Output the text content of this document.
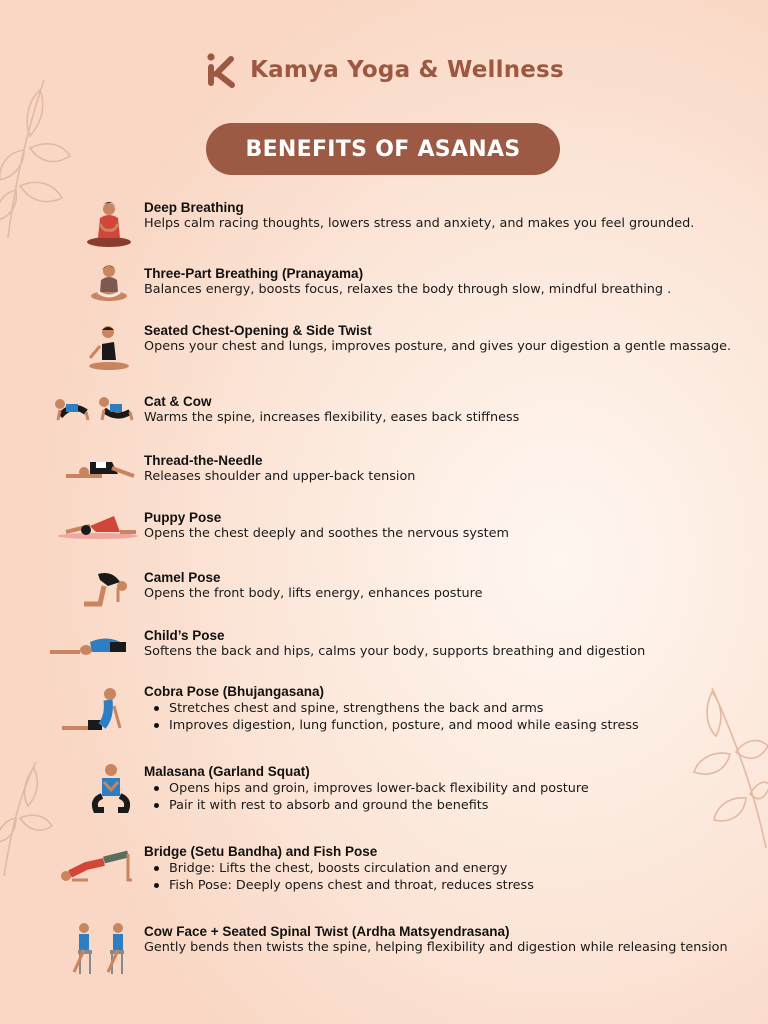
Kamya Yoga & Wellness
BENEFITS OF ASANAS

Deep Breathing

Helps calm racing thoughts, lowers stress and anxiety, and makes you feel grounded.

Three-Part Breathing (Pranayama)

Balances energy, boosts focus, relaxes the body through slow, mindful breathing .

Seated Chest-Opening & Side Twist

Opens your chest and lungs, improves posture, and gives your digestion a gentle massage.

Cat & Cow

Warms the spine, increases flexibility, eases back stiffness

Thread-the-Needle

Releases shoulder and upper-back tension

Puppy Pose

Opens the chest deeply and soothes the nervous system

Camel Pose

Opens the front body, lifts energy, enhances posture

Child’s Pose

Softens the back and hips, calms your body, supports breathing and digestion

Cobra Pose (Bhujangasana)

Stretches chest and spine, strengthens the back and arms
Improves digestion, lung function, posture, and mood while easing stress

Malasana (Garland Squat)

Opens hips and groin, improves lower-back flexibility and posture
Pair it with rest to absorb and ground the benefits

Bridge (Setu Bandha) and Fish Pose

Bridge: Lifts the chest, boosts circulation and energy
Fish Pose: Deeply opens chest and throat, reduces stress

Cow Face + Seated Spinal Twist (Ardha Matsyendrasana)

Gently bends then twists the spine, helping flexibility and digestion while releasing tension
